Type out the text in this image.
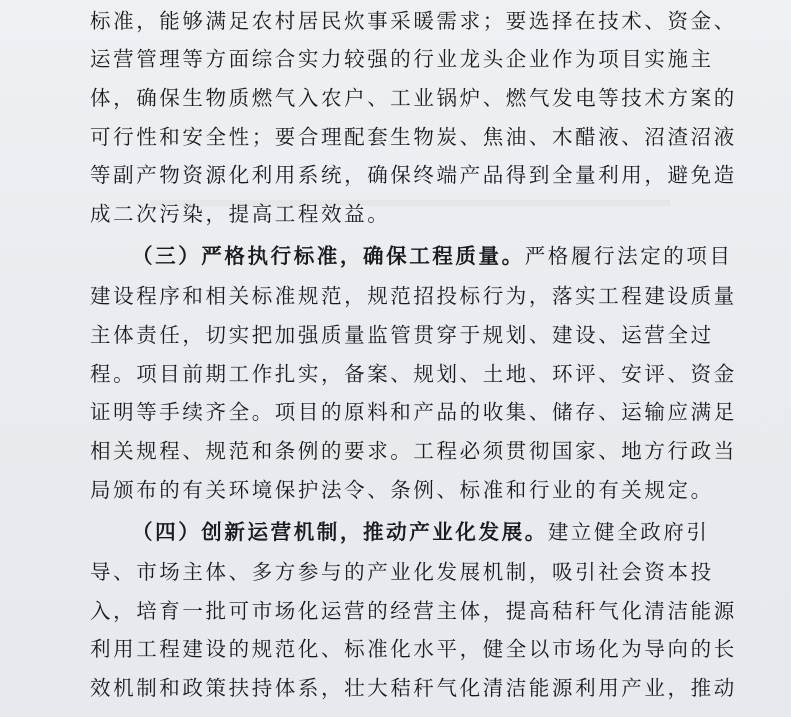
标准，能够满足农村居民炊事采暖需求；要选择在技术、资金、
运营管理等方面综合实力较强的行业龙头企业作为项目实施主
体，确保生物质燃气入农户、工业锅炉、燃气发电等技术方案的
可行性和安全性；要合理配套生物炭、焦油、木醋液、沼渣沼液
等副产物资源化利用系统，确保终端产品得到全量利用，避免造
成二次污染，提高工程效益。
（三）严格执行标准，确保工程质量。严格履行法定的项目
建设程序和相关标准规范，规范招投标行为，落实工程建设质量
主体责任，切实把加强质量监管贯穿于规划、建设、运营全过
程。项目前期工作扎实，备案、规划、土地、环评、安评、资金
证明等手续齐全。项目的原料和产品的收集、储存、运输应满足
相关规程、规范和条例的要求。工程必须贯彻国家、地方行政当
局颁布的有关环境保护法令、条例、标准和行业的有关规定。
（四）创新运营机制，推动产业化发展。建立健全政府引
导、市场主体、多方参与的产业化发展机制，吸引社会资本投
入，培育一批可市场化运营的经营主体，提高秸秆气化清洁能源
利用工程建设的规范化、标准化水平，健全以市场化为导向的长
效机制和政策扶持体系，壮大秸秆气化清洁能源利用产业，推动
